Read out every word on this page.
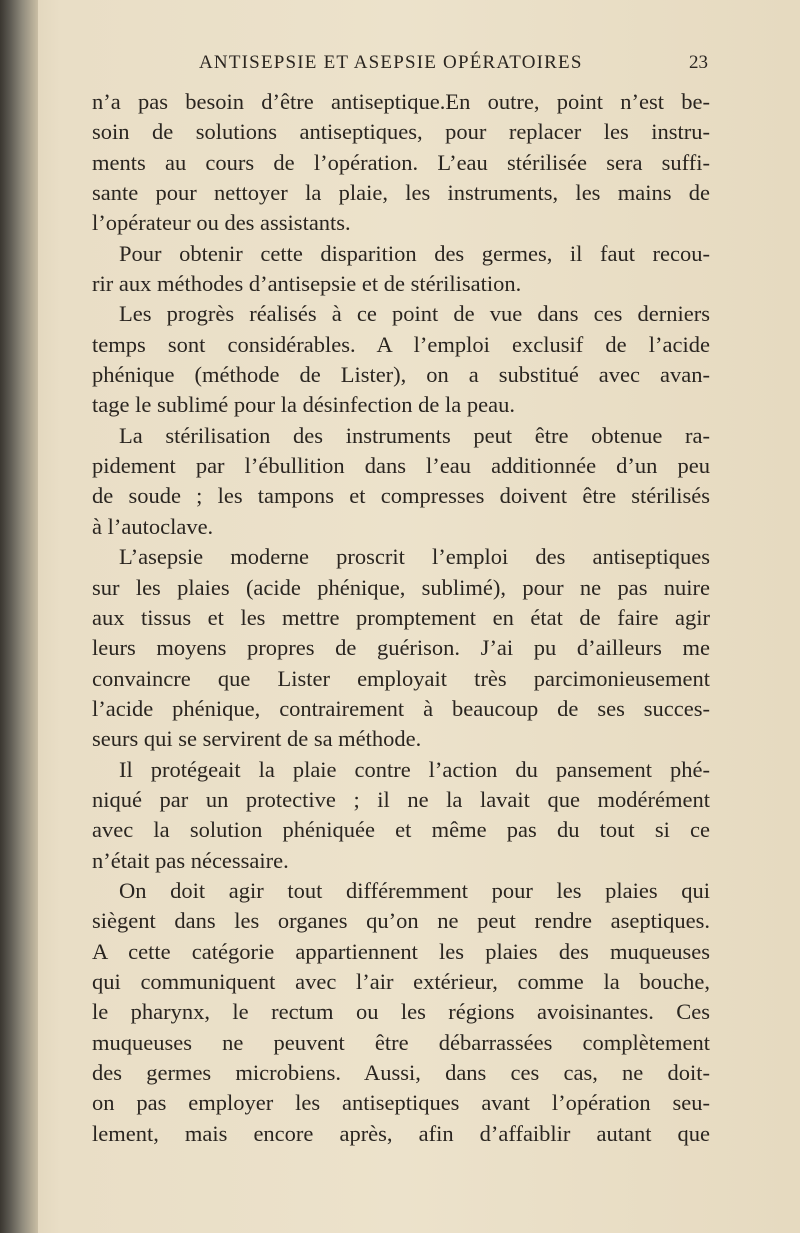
ANTISEPSIE ET ASEPSIE OPÉRATOIRES	23
n’a pas besoin d’être antiseptique.En outre, point n’est be-
soin de solutions antiseptiques, pour replacer les instru-
ments au cours de l’opération. L’eau stérilisée sera suffi-
sante pour nettoyer la plaie, les instruments, les mains de
l’opérateur ou des assistants.
Pour obtenir cette disparition des germes, il faut recou-
rir aux méthodes d’antisepsie et de stérilisation.
Les progrès réalisés à ce point de vue dans ces derniers
temps sont considérables. A l’emploi exclusif de l’acide
phénique (méthode de Lister), on a substitué avec avan-
tage le sublimé pour la désinfection de la peau.
La stérilisation des instruments peut être obtenue ra-
pidement par l’ébullition dans l’eau additionnée d’un peu
de soude ; les tampons et compresses doivent être stérilisés
à l’autoclave.
L’asepsie moderne proscrit l’emploi des antiseptiques
sur les plaies (acide phénique, sublimé), pour ne pas nuire
aux tissus et les mettre promptement en état de faire agir
leurs moyens propres de guérison. J’ai pu d’ailleurs me
convaincre que Lister employait très parcimonieusement
l’acide phénique, contrairement à beaucoup de ses succes-
seurs qui se servirent de sa méthode.
Il protégeait la plaie contre l’action du pansement phé-
niqué par un protective ; il ne la lavait que modérément
avec la solution phéniquée et même pas du tout si ce
n’était pas nécessaire.
On doit agir tout différemment pour les plaies qui
siègent dans les organes qu’on ne peut rendre aseptiques.
A cette catégorie appartiennent les plaies des muqueuses
qui communiquent avec l’air extérieur, comme la bouche,
le pharynx, le rectum ou les régions avoisinantes. Ces
muqueuses ne peuvent être débarrassées complètement
des germes microbiens. Aussi, dans ces cas, ne doit-
on pas employer les antiseptiques avant l’opération seu-
lement, mais encore après, afin d’affaiblir autant que
